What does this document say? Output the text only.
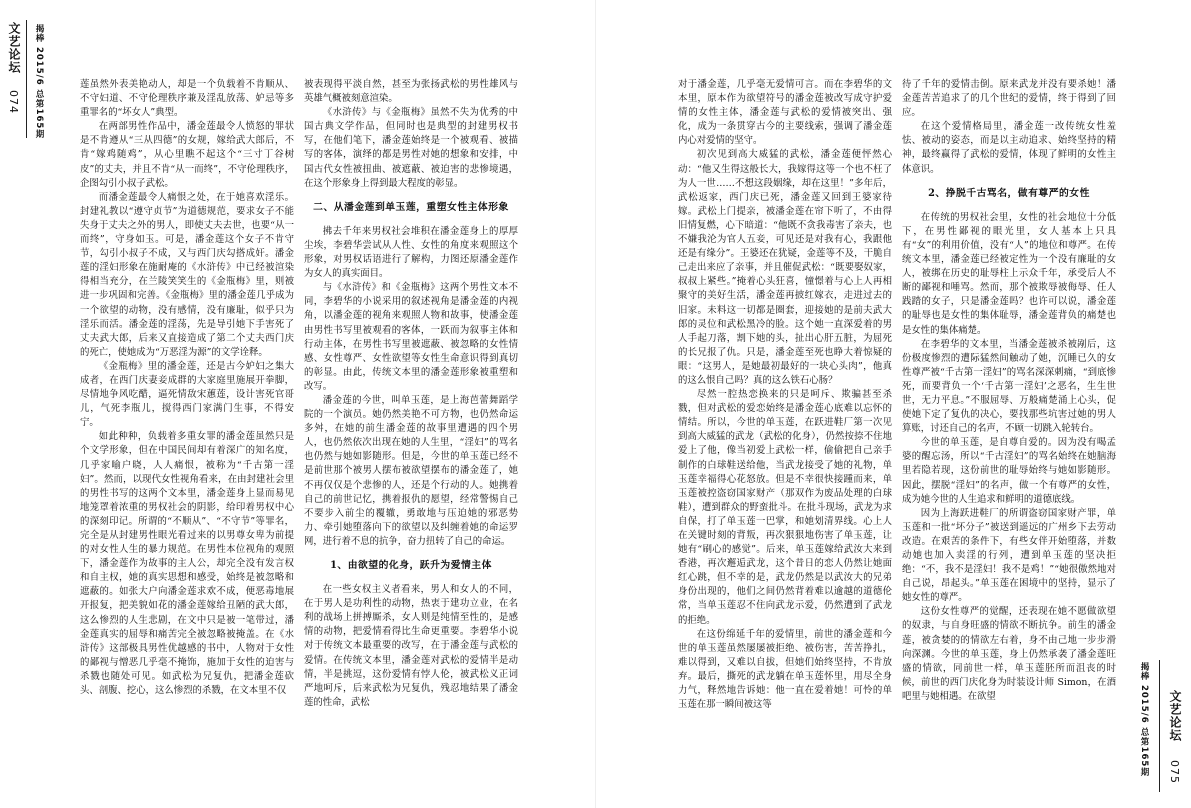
文艺论坛
074 揭棒 2015/6 总第165期
揭棒 2015/6 总第165期 文艺论坛
075

莲虽然外表美艳动人，却是一个负载着不肯顺从、不守妇道、不守伦理秩序兼及淫乱放荡、妒忌等多重罪名的“坏女人”典型。

在两部男性作品中，潘金莲最令人愤怒的罪状是不肯遵从“三从四德”的女规，嫁给武大郎后，不肯“嫁鸡随鸡”，从心里瞧不起这个“三寸丁谷树皮”的丈夫，并且不肯“从一而终”，不守伦理秩序，企图勾引小叔子武松。

而潘金莲最令人痛恨之处，在于她喜欢淫乐。封建礼教以“遵守贞节”为道德规范，要求女子不能失身于丈夫之外的男人，即使丈夫去世，也要“从一而终”，守身如玉。可是，潘金莲这个女子不肯守节，勾引小叔子不成，又与西门庆勾搭成奸。潘金莲的淫妇形象在施耐庵的《水浒传》中已经被渲染得相当充分，在兰陵笑笑生的《金瓶梅》里，则被进一步巩固和完善。《金瓶梅》里的潘金莲几乎成为一个欲望的动物，没有感情，没有廉耻，似乎只为淫乐而活。潘金莲的淫荡，先是导引她下手害死了丈夫武大郎，后来又直接造成了第二个丈夫西门庆的死亡，使她成为“万恶淫为源”的文学诠释。

《金瓶梅》里的潘金莲，还是古今妒妇之集大成者，在西门庆妻妾成群的大家庭里施展开拳脚，尽情地争风吃醋，逼死情敌宋蕙莲，设计害死官哥儿，气死李瓶儿，搅得西门家满门生事，不得安宁。

如此种种，负载着多重女罪的潘金莲虽然只是个文学形象，但在中国民间却有着深广的知名度，几乎家喻户晓，人人痛恨，被称为“千古第一淫妇”。然而，以现代女性视角看来，在由封建社会里的男性书写的这两个文本里，潘金莲身上显而易见地笼罩着浓重的男权社会的阴影，给印着男权中心的深刻印记。所谓的“不顺从”、“不守节”等罪名，完全是从封建男性眼光看过来的以男尊女卑为前提的对女性人生的暴力规范。在男性本位视角的观照下，潘金莲作为故事的主人公，却完全没有发言权和自主权，她的真实思想和感受，始终是被忽略和遮蔽的。如张大户向潘金莲求欢不成，便恶毒地展开报复，把美貌如花的潘金莲嫁给丑陋的武大郎，这么惨烈的人生悲剧，在文中只是被一笔带过，潘金莲真实的屈辱和痛苦完全被忽略被掩盖。在《水浒传》这部极具男性优越感的书中，人物对于女性的鄙视与憎恶几乎毫不掩饰，施加于女性的迫害与杀戮也随处可见。如武松为兄复仇，把潘金莲砍头、剖腹、挖心，这么惨烈的杀戮，在文本里不仅

被表现得平淡自然，甚至为张扬武松的男性雄风与英雄气概被刻意渲染。

《水浒传》与《金瓶梅》虽然不失为优秀的中国古典文学作品，但同时也是典型的封建男权书写，在他们笔下，潘金莲始终是一个被观看、被描写的客体，演绎的都是男性对她的想象和安排，中国古代女性被扭曲、被遮蔽、被迫害的悲惨境遇，在这个形象身上得到最大程度的彰显。

二、从潘金莲到单玉莲，重塑女性主体形象

拂去千年来男权社会堆积在潘金莲身上的厚厚尘埃，李碧华尝试从人性、女性的角度来观照这个形象，对男权话语进行了解构，力图还原潘金莲作为女人的真实面目。

与《水浒传》和《金瓶梅》这两个男性文本不同，李碧华的小说采用的叙述视角是潘金莲的内视角，以潘金莲的视角来观照人物和故事，使潘金莲由男性书写里被观看的客体，一跃而为叙事主体和行动主体，在男性书写里被遮蔽、被忽略的女性情感、女性尊严、女性欲望等女性生命意识得到真切的彰显。由此，传统文本里的潘金莲形象被重塑和改写。

潘金莲的今世，叫单玉莲，是上海芭蕾舞蹈学院的一个演员。她仍然美艳不可方物，也仍然命运多舛，在她的前生潘金莲的故事里遭遇的四个男人，也仍然依次出现在她的人生里，“淫妇”的骂名也仍然与她如影随形。但是，今世的单玉莲已经不是前世那个被男人摆布被欲望摆布的潘金莲了，她不再仅仅是个悲惨的人，还是个行动的人。她携着自己的前世记忆，携着报仇的愿望，经常警惕自己不要步入前尘的覆辙，勇敢地与压迫她的邪恶势力、牵引她堕落向下的欲望以及纠缠着她的命运罗网，进行着不息的抗争，奋力扭转了自己的命运。

1、由欲望的化身，跃升为爱情主体

在一些女权主义者看来，男人和女人的不同，在于男人是功利性的动物，热衷于建功立业，在名利的战场上拼搏厮杀，女人则是纯情至性的，是感情的动物，把爱情看得比生命更重要。李碧华小说对于传统文本最重要的改写，在于潘金莲与武松的爱情。在传统文本里，潘金莲对武松的爱情半是动情，半是挑逗，这份爱情有悖人伦，被武松义正词严地呵斥，后来武松为兄复仇，残忍地结果了潘金莲的性命，武松

对于潘金莲，几乎毫无爱情可言。而在李碧华的文本里，原本作为欲望符号的潘金莲被改写成守护爱情的女性主体，潘金莲与武松的爱情被突出、强化，成为一条贯穿古今的主要线索，强调了潘金莲内心对爱情的坚守。

初次见到高大威猛的武松，潘金莲便怦然心动：“他又生得这般长大，我嫁得这等一个也不枉了为人一世……不想这段姻缘，却在这里！”多年后，武松返家，西门庆已死，潘金莲又回到王婆家待嫁。武松上门提亲，被潘金莲在帘下听了，不由得旧情复燃，心下暗道：“他既不贪我毒害了亲夫，也不嫌我沦为官人五妾，可见还是对我有心，我跟他还是有缘分”。王婆还在犹疑，金莲等不及，干脆自己走出来应了亲事，并且催促武松：“既要娶奴家，叔叔上紧些。”掩着心头狂喜，憧憬着与心上人再相聚守的美好生活，潘金莲再披红嫁衣，走进过去的旧家。未料这一切都是圈套，迎接她的是前夫武大郎的灵位和武松黑冷的脸。这个她一直深爱着的男人手起刀落，割下她的头，扯出心肝五脏，为屈死的长兄报了仇。只是，潘金莲至死也睁大着惊疑的眼：“这男人，是她最初最好的一块心头肉”，他真的这么恨自己吗？真的这么铁石心肠？

尽然一腔热恋换来的只是呵斥、欺骗甚至杀戮，但对武松的爱恋始终是潘金莲心底难以忘怀的情结。所以，今世的单玉莲，在跃进鞋厂第一次见到高大威猛的武龙（武松的化身），仍然按捺不住地爱上了他，像当初爱上武松一样，偷偷把自己亲手制作的白球鞋送给他，当武龙接受了她的礼物，单玉莲幸福得心花怒放。但是不幸很快接踵而来，单玉莲被控盗窃国家财产（那双作为废品处理的白球鞋），遭到群众的野蛮批斗。在批斗现场，武龙为求自保，打了单玉莲一巴掌，和她划清界线。心上人在关键时刻的背叛，再次狠狠地伤害了单玉莲，让她有“刷心的感觉”。后来，单玉莲嫁给武汝大来到香港，再次邂逅武龙，这个昔日的恋人仍然让她面红心跳，但不幸的是，武龙仍然是以武汝大的兄弟身份出现的，他们之间仍然背着难以逾越的道德伦常，当单玉莲忍不住向武龙示爱，仍然遭到了武龙的拒绝。

在这份绵延千年的爱情里，前世的潘金莲和今世的单玉莲虽然屡屡被拒绝、被伤害，苦苦挣扎，难以得到，又难以自拔，但她们始终坚持，不肯放弃。最后，撕死的武龙躺在单玉莲怀里，用尽全身力气，释然地告诉她：他一直在爱着她！可怜的单玉莲在那一瞬间被这等

待了千年的爱情击倒。原来武龙并没有要杀她！潘金莲苦苦追求了的几个世纪的爱情，终于得到了回应。

在这个爱情格局里，潘金莲一改传统女性羞怯、被动的姿态，而是以主动追求、始终坚持的精神，最终赢得了武松的爱情，体现了鲜明的女性主体意识。

2、挣脱千古骂名，做有尊严的女性

在传统的男权社会里，女性的社会地位十分低下，在男性鄙视的眼光里，女人基本上只具有“女”的利用价值，没有“人”的地位和尊严。在传统文本里，潘金莲已经被定性为一个没有廉耻的女人，被绑在历史的耻辱柱上示众千年，承受后人不断的鄙视和唾骂。然而，那个被欺辱被侮辱、任人践踏的女子，只是潘金莲吗？也许可以说，潘金莲的耻辱也是女性的集体耻辱，潘金莲背负的痛楚也是女性的集体痛楚。

在李碧华的文本里，当潘金莲被杀被剐后，这份极度惨烈的遭际猛然间触动了她，沉睡已久的女性尊严被“千古第一淫妇”的骂名深深刺痛，“到底惨死，而要背负一个‘千古第一淫妇’之恶名，生生世世，无力平息。”不服屈辱、万般痛楚涌上心头，促使她下定了复仇的决心，要找那些坑害过她的男人算账，讨还自己的名声，不顾一切跳入轮转台。

今世的单玉莲，是自尊自爱的。因为没有喝孟婆的醒忘汤，所以“千古淫妇”的骂名始终在她脑海里若隐若现，这份前世的耻辱始终与她如影随形。因此，摆脱“淫妇”的名声，做一个有尊严的女性，成为她今世的人生追求和鲜明的道德底线。

因为上海跃进鞋厂的所谓盗窃国家财产罪，单玉莲和一批“坏分子”被送到遥远的广州乡下去劳动改造。在艰苦的条件下，有些女伴开始堕落，并数动她也加入卖淫的行列，遭到单玉莲的坚决拒绝：“不，我不是淫妇！我不是鸡！”“她很傲然地对自己说，昂起头。”单玉莲在困境中的坚持，显示了她女性的尊严。

这份女性尊严的觉醒，还表现在她不愿做欲望的奴隶，与自身旺盛的情欲不断抗争。前生的潘金莲，被贪婪的的情欲左右着，身不由己地一步步滑向深渊。今世的单玉莲，身上仍然承袭了潘金莲旺盛的情欲，同前世一样，单玉莲胚所而沮丧的时候，前世的西门庆化身为时装设计师 Simon，在酒吧里与她相遇。在欲望
